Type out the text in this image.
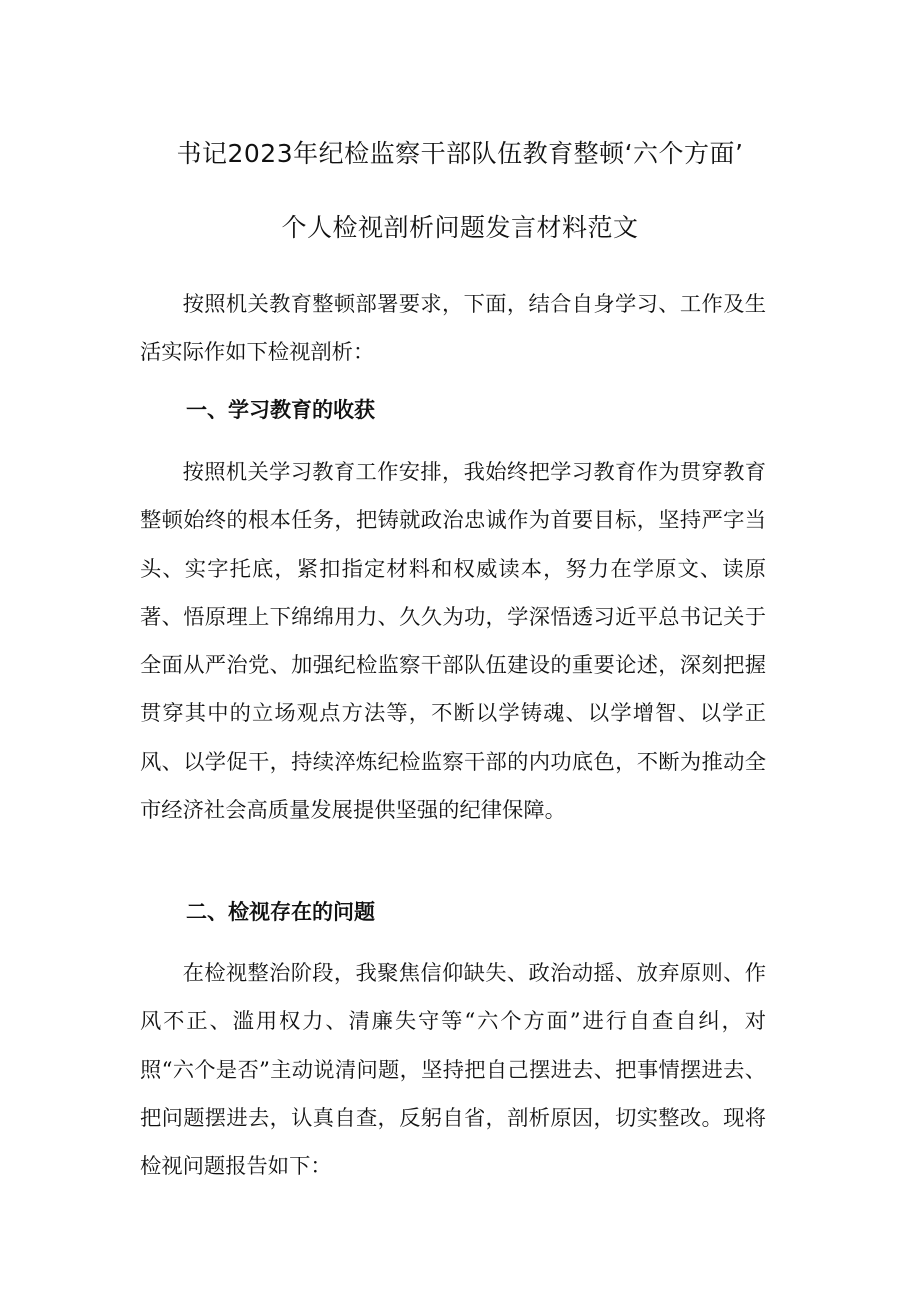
书记2023年纪检监察干部队伍教育整顿‘六个方面’
个人检视剖析问题发言材料范文

按照机关教育整顿部署要求，下面，结合自身学习、工作及生活实际作如下检视剖析：

一、学习教育的收获

按照机关学习教育工作安排，我始终把学习教育作为贯穿教育整顿始终的根本任务，把铸就政治忠诚作为首要目标，坚持严字当头、实字托底，紧扣指定材料和权威读本，努力在学原文、读原著、悟原理上下绵绵用力、久久为功，学深悟透习近平总书记关于全面从严治党、加强纪检监察干部队伍建设的重要论述，深刻把握贯穿其中的立场观点方法等，不断以学铸魂、以学增智、以学正风、以学促干，持续淬炼纪检监察干部的内功底色，不断为推动全市经济社会高质量发展提供坚强的纪律保障。

二、检视存在的问题

在检视整治阶段，我聚焦信仰缺失、政治动摇、放弃原则、作风不正、滥用权力、清廉失守等“六个方面”进行自查自纠，对照“六个是否”主动说清问题，坚持把自己摆进去、把事情摆进去、把问题摆进去，认真自查，反躬自省，剖析原因，切实整改。现将检视问题报告如下：
